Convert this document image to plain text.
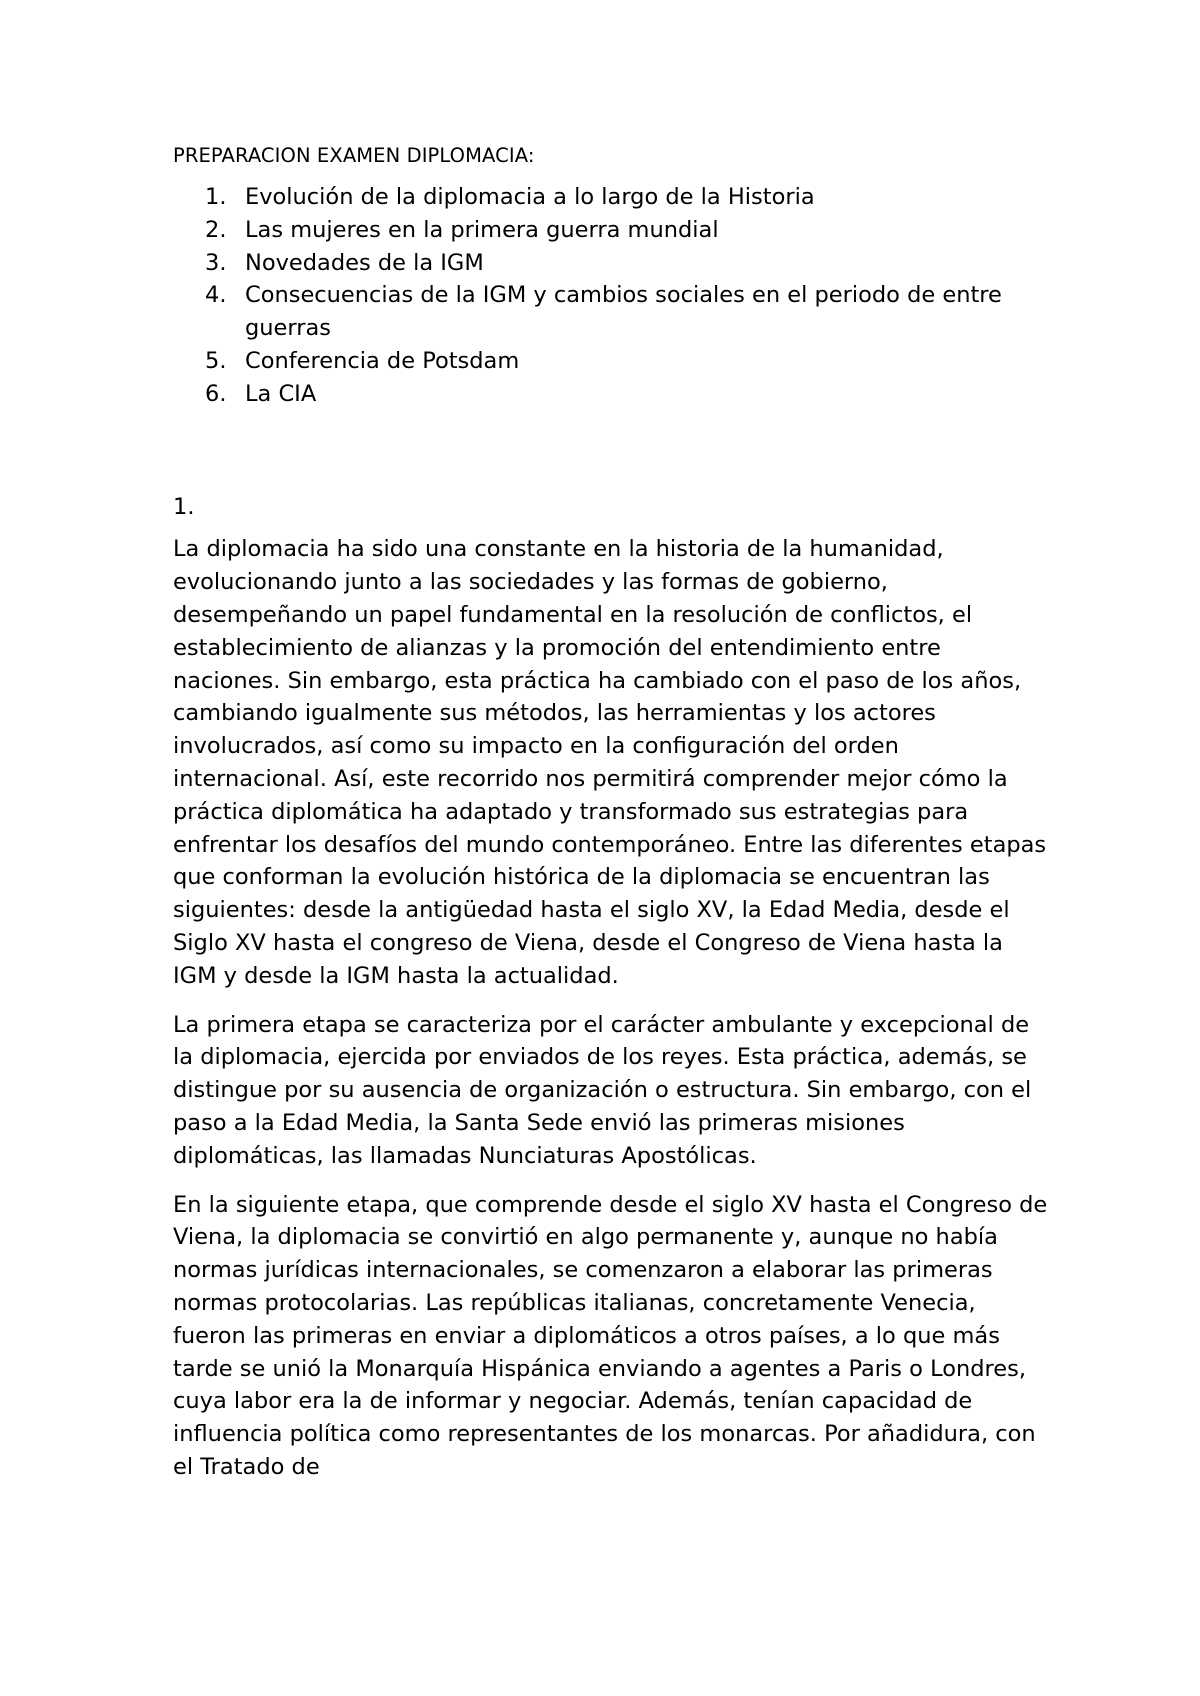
PREPARACION EXAMEN DIPLOMACIA:
1. Evolución de la diplomacia a lo largo de la Historia
2. Las mujeres en la primera guerra mundial
3. Novedades de la IGM
4. Consecuencias de la IGM y cambios sociales en el periodo de entre guerras
5. Conferencia de Potsdam
6. La CIA
1.

La diplomacia ha sido una constante en la historia de la humanidad, evolucionando junto a las sociedades y las formas de gobierno, desempeñando un papel fundamental en la resolución de conflictos, el establecimiento de alianzas y la promoción del entendimiento entre naciones. Sin embargo, esta práctica ha cambiado con el paso de los años, cambiando igualmente sus métodos, las herramientas y los actores involucrados, así como su impacto en la configuración del orden internacional. Así, este recorrido nos permitirá comprender mejor cómo la práctica diplomática ha adaptado y transformado sus estrategias para enfrentar los desafíos del mundo contemporáneo. Entre las diferentes etapas que conforman la evolución histórica de la diplomacia se encuentran las siguientes: desde la antigüedad hasta el siglo XV, la Edad Media, desde el Siglo XV hasta el congreso de Viena, desde el Congreso de Viena hasta la IGM y desde la IGM hasta la actualidad.

La primera etapa se caracteriza por el carácter ambulante y excepcional de la diplomacia, ejercida por enviados de los reyes. Esta práctica, además, se distingue por su ausencia de organización o estructura. Sin embargo, con el paso a la Edad Media, la Santa Sede envió las primeras misiones diplomáticas, las llamadas Nunciaturas Apostólicas.

En la siguiente etapa, que comprende desde el siglo XV hasta el Congreso de Viena, la diplomacia se convirtió en algo permanente y, aunque no había normas jurídicas internacionales, se comenzaron a elaborar las primeras normas protocolarias. Las repúblicas italianas, concretamente Venecia, fueron las primeras en enviar a diplomáticos a otros países, a lo que más tarde se unió la Monarquía Hispánica enviando a agentes a Paris o Londres, cuya labor era la de informar y negociar. Además, tenían capacidad de influencia política como representantes de los monarcas. Por añadidura, con el Tratado de
